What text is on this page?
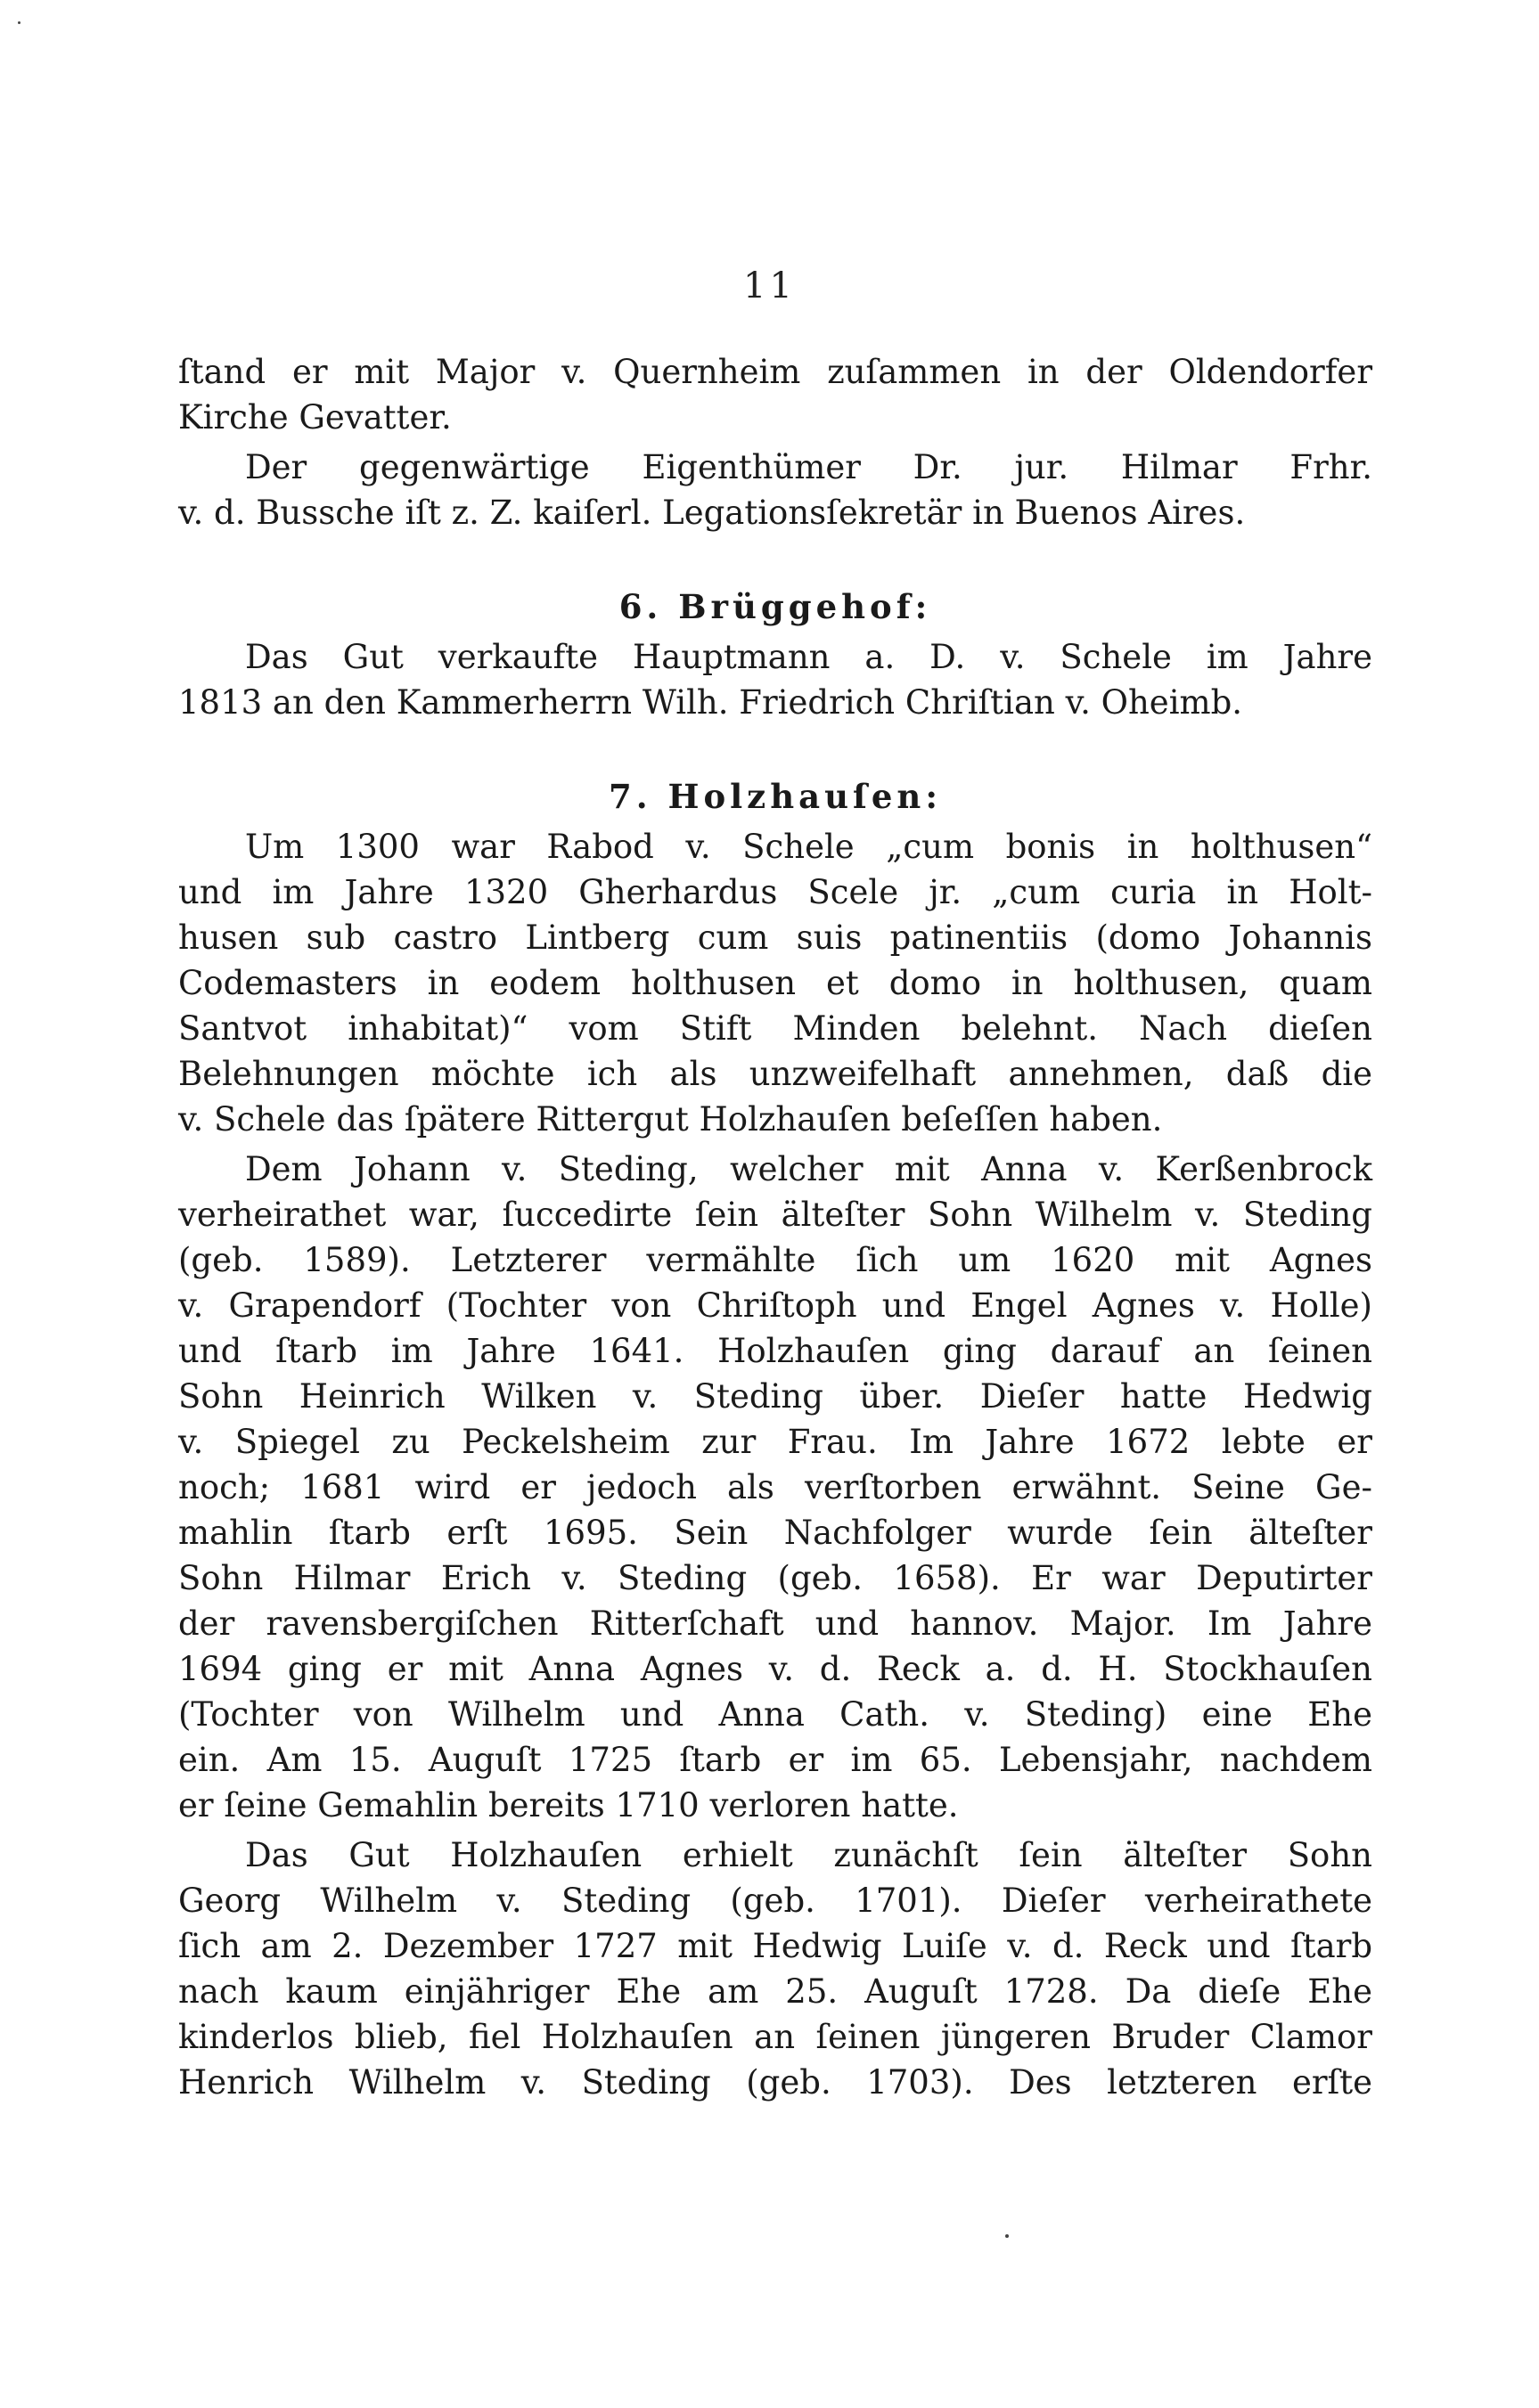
11

ſtand er mit Major v. Quernheim zuſammen in der Oldendorfer
Kirche Gevatter.

Der gegenwärtige Eigenthümer Dr. jur. Hilmar Frhr.
v. d. Bussche iſt z. Z. kaiſerl. Legationsſekretär in Buenos Aires.

6. Brüggehof:

Das Gut verkaufte Hauptmann a. D. v. Schele im Jahre
1813 an den Kammerherrn Wilh. Friedrich Chriſtian v. Oheimb.

7. Holzhauſen:

Um 1300 war Rabod v. Schele „cum bonis in holthusen“
und im Jahre 1320 Gherhardus Scele jr. „cum curia in Holt-
husen sub castro Lintberg cum suis patinentiis (domo Johannis
Codemasters in eodem holthusen et domo in holthusen, quam
Santvot inhabitat)“ vom Stift Minden belehnt. Nach dieſen
Belehnungen möchte ich als unzweifelhaft annehmen, daß die
v. Schele das ſpätere Rittergut Holzhauſen beſeſſen haben.

Dem Johann v. Steding, welcher mit Anna v. Kerßenbrock
verheirathet war, ſuccedirte ſein älteſter Sohn Wilhelm v. Steding
(geb. 1589). Letzterer vermählte ſich um 1620 mit Agnes
v. Grapendorf (Tochter von Chriſtoph und Engel Agnes v. Holle)
und ſtarb im Jahre 1641. Holzhauſen ging darauf an ſeinen
Sohn Heinrich Wilken v. Steding über. Dieſer hatte Hedwig
v. Spiegel zu Peckelsheim zur Frau. Im Jahre 1672 lebte er
noch; 1681 wird er jedoch als verſtorben erwähnt. Seine Ge-
mahlin ſtarb erſt 1695. Sein Nachfolger wurde ſein älteſter
Sohn Hilmar Erich v. Steding (geb. 1658). Er war Deputirter
der ravensbergiſchen Ritterſchaft und hannov. Major. Im Jahre
1694 ging er mit Anna Agnes v. d. Reck a. d. H. Stockhauſen
(Tochter von Wilhelm und Anna Cath. v. Steding) eine Ehe
ein. Am 15. Auguſt 1725 ſtarb er im 65. Lebensjahr, nachdem
er ſeine Gemahlin bereits 1710 verloren hatte.

Das Gut Holzhauſen erhielt zunächſt ſein älteſter Sohn
Georg Wilhelm v. Steding (geb. 1701). Dieſer verheirathete
ſich am 2. Dezember 1727 mit Hedwig Luiſe v. d. Reck und ſtarb
nach kaum einjähriger Ehe am 25. Auguſt 1728. Da dieſe Ehe
kinderlos blieb, fiel Holzhauſen an ſeinen jüngeren Bruder Clamor
Henrich Wilhelm v. Steding (geb. 1703). Des letzteren erſte
